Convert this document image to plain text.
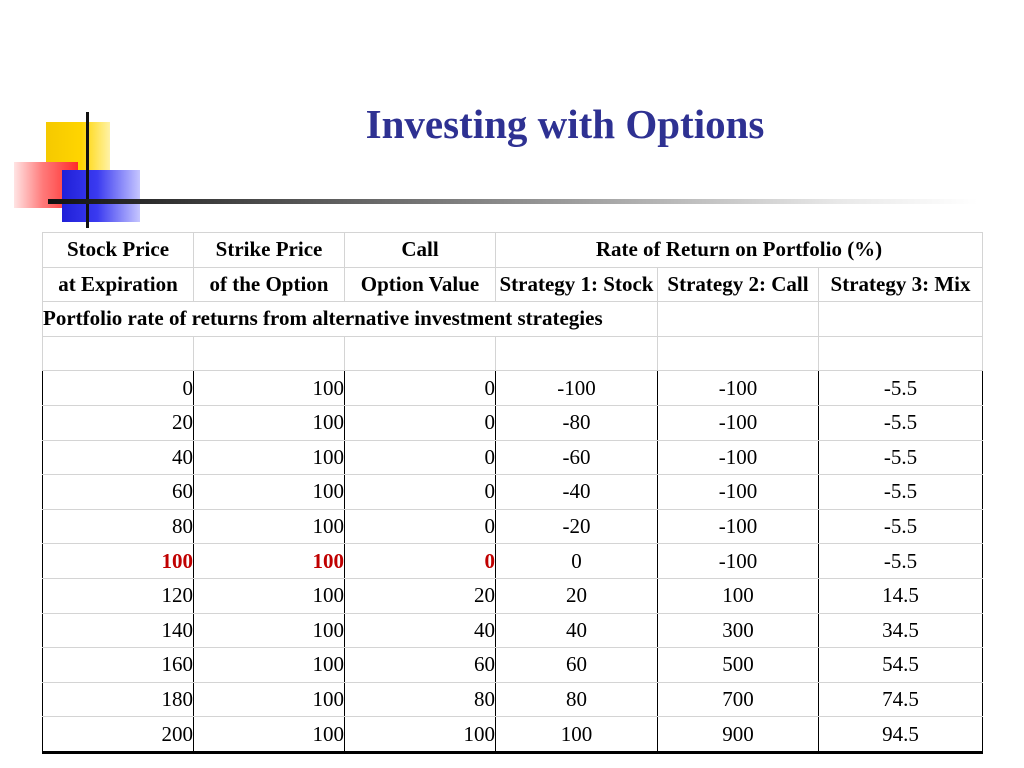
Investing with Options
Portfolio rate of returns from alternative investment strategies					

Stock Price	Strike Price	Call	Rate of Return on Portfolio (%)		
at Expiration	of the Option	Option Value	Strategy 1: Stock	Strategy 2: Call	Strategy 3: Mix
0	100	0	-100	-100	-5.5
20	100	0	-80	-100	-5.5
40	100	0	-60	-100	-5.5
60	100	0	-40	-100	-5.5
80	100	0	-20	-100	-5.5
100	100	0	0	-100	-5.5
120	100	20	20	100	14.5
140	100	40	40	300	34.5
160	100	60	60	500	54.5
180	100	80	80	700	74.5
200	100	100	100	900	94.5
